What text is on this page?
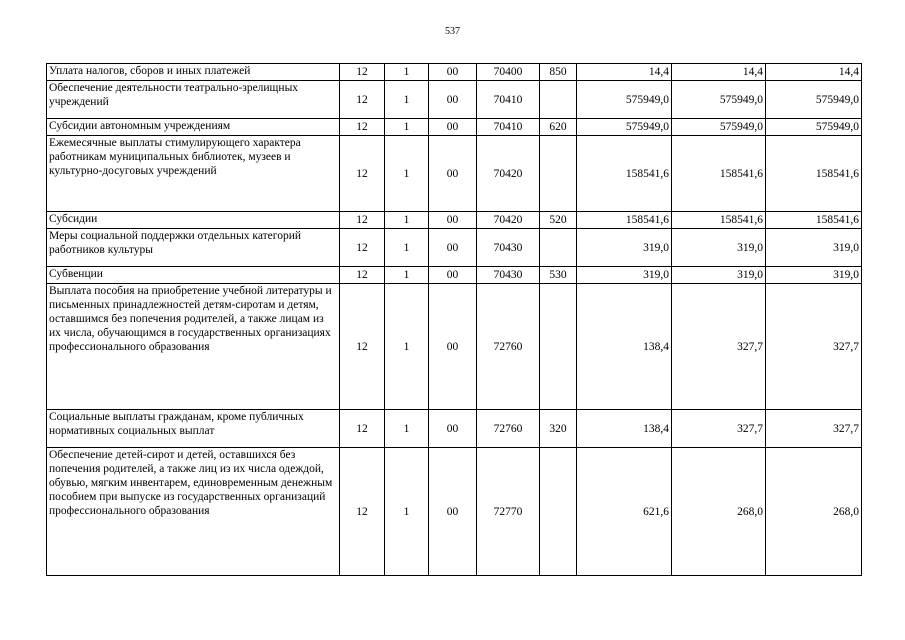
537
Уплата налогов, сборов и иных платежей	12	1	00	70400	850	14,4	14,4	14,4
Обеспечение деятельности театрально-зрелищных учреждений	12	1	00	70410		575949,0	575949,0	575949,0
Субсидии автономным учреждениям	12	1	00	70410	620	575949,0	575949,0	575949,0
Ежемесячные выплаты стимулирующего характера работникам муниципальных библиотек, музеев и культурно-досуговых учреждений	12	1	00	70420		158541,6	158541,6	158541,6
Субсидии	12	1	00	70420	520	158541,6	158541,6	158541,6
Меры социальной поддержки отдельных категорий работников культуры	12	1	00	70430		319,0	319,0	319,0
Субвенции	12	1	00	70430	530	319,0	319,0	319,0
Выплата пособия на приобретение учебной литературы и письменных принадлежностей детям-сиротам и детям, оставшимся без попечения родителей, а также лицам из их числа, обучающимся в государственных организациях профессионального образования	12	1	00	72760		138,4	327,7	327,7
Социальные выплаты гражданам, кроме публичных нормативных социальных выплат	12	1	00	72760	320	138,4	327,7	327,7
Обеспечение детей-сирот и детей, оставшихся без попечения родителей, а также лиц из их числа одеждой, обувью, мягким инвентарем, единовременным денежным пособием при выпуске из государственных организаций профессионального образования	12	1	00	72770		621,6	268,0	268,0
